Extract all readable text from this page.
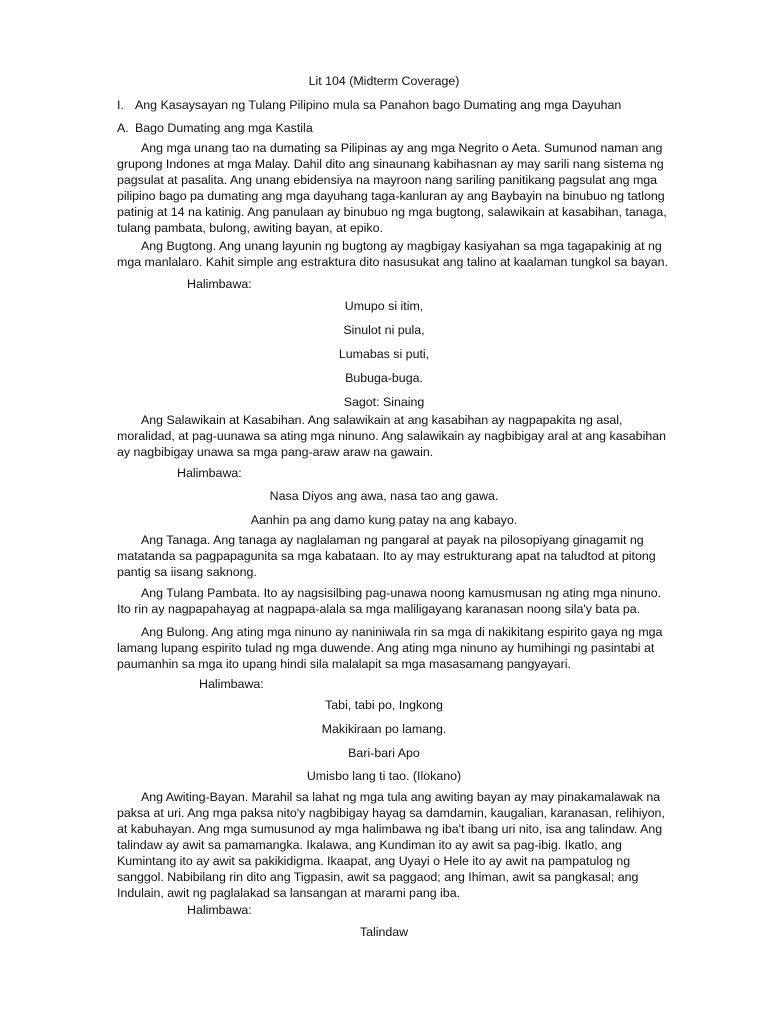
Lit 104 (Midterm Coverage)
I. Ang Kasaysayan ng Tulang Pilipino mula sa Panahon bago Dumating ang mga Dayuhan
A. Bago Dumating ang mga Kastila

Ang mga unang tao na dumating sa Pilipinas ay ang mga Negrito o Aeta. Sumunod naman ang grupong Indones at mga Malay. Dahil dito ang sinaunang kabihasnan ay may sarili nang sistema ng pagsulat at pasalita. Ang unang ebidensiya na mayroon nang sariling panitikang pagsulat ang mga pilipino bago pa dumating ang mga dayuhang taga-kanluran ay ang Baybayin na binubuo ng tatlong patinig at 14 na katinig. Ang panulaan ay binubuo ng mga bugtong, salawikain at kasabihan, tanaga, tulang pambata, bulong, awiting bayan, at epiko.

Ang Bugtong. Ang unang layunin ng bugtong ay magbigay kasiyahan sa mga tagapakinig at ng mga manlalaro. Kahit simple ang estraktura dito nasusukat ang talino at kaalaman tungkol sa bayan.

Halimbawa:
Umupo si itim,
Sinulot ni pula,
Lumabas si puti,
Bubuga-buga.
Sagot: Sinaing

Ang Salawikain at Kasabihan. Ang salawikain at ang kasabihan ay nagpapakita ng asal, moralidad, at pag-uunawa sa ating mga ninuno. Ang salawikain ay nagbibigay aral at ang kasabihan ay nagbibigay unawa sa mga pang-araw araw na gawain.

Halimbawa:
Nasa Diyos ang awa, nasa tao ang gawa.
Aanhin pa ang damo kung patay na ang kabayo.

Ang Tanaga. Ang tanaga ay naglalaman ng pangaral at payak na pilosopiyang ginagamit ng matatanda sa pagpapagunita sa mga kabataan. Ito ay may estrukturang apat na taludtod at pitong pantig sa iisang saknong.

Ang Tulang Pambata. Ito ay nagsisilbing pag-unawa noong kamusmusan ng ating mga ninuno. Ito rin ay nagpapahayag at nagpapa-alala sa mga maliligayang karanasan noong sila'y bata pa.

Ang Bulong. Ang ating mga ninuno ay naniniwala rin sa mga di nakikitang espirito gaya ng mga lamang lupang espirito tulad ng mga duwende. Ang ating mga ninuno ay humihingi ng pasintabi at paumanhin sa mga ito upang hindi sila malalapit sa mga masasamang pangyayari.

Halimbawa:
Tabi, tabi po, Ingkong
Makikiraan po lamang.
Bari-bari Apo
Umisbo lang ti tao. (Ilokano)

Ang Awiting-Bayan. Marahil sa lahat ng mga tula ang awiting bayan ay may pinakamalawak na paksa at uri. Ang mga paksa nito'y nagbibigay hayag sa damdamin, kaugalian, karanasan, relihiyon, at kabuhayan. Ang mga sumusunod ay mga halimbawa ng iba't ibang uri nito, isa ang talindaw. Ang talindaw ay awit sa pamamangka. Ikalawa, ang Kundiman ito ay awit sa pag-ibig. Ikatlo, ang Kumintang ito ay awit sa pakikidigma. Ikaapat, ang Uyayi o Hele ito ay awit na pampatulog ng sanggol. Nabibilang rin dito ang Tigpasin, awit sa paggaod; ang Ihiman, awit sa pangkasal; ang Indulain, awit ng paglalakad sa lansangan at marami pang iba.

Halimbawa:
Talindaw
